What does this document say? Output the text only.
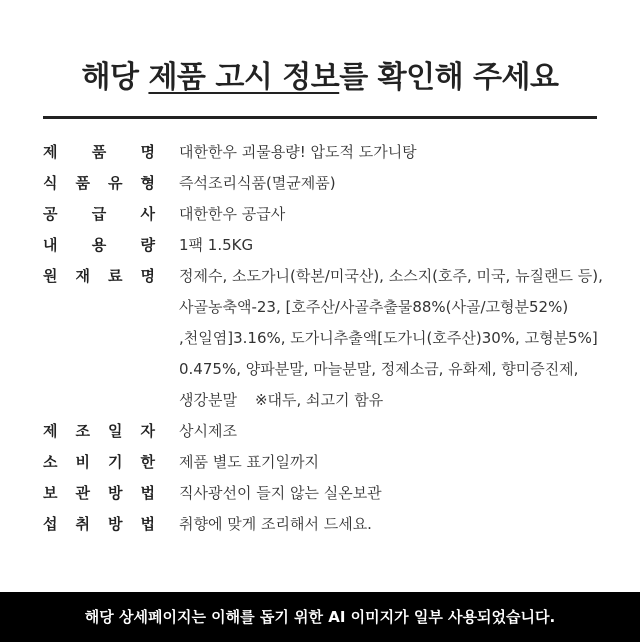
해당 제품 고시 정보를 확인해 주세요
제 품 명 대한한우 괴물용량! 압도적 도가니탕
식 품 유 형 즉석조리식품(멸균제품)
공 급 사 대한한우 공급사
내 용 량 1팩 1.5KG
원 재 료 명 정제수, 소도가니(학본/미국산), 소스지(호주, 미국, 뉴질랜드 등),
사골농축액-23, [호주산/사골추출물88%(사골/고형분52%)
,천일염]3.16%, 도가니추출액[도가니(호주산)30%, 고형분5%]
0.475%, 양파분말, 마늘분말, 정제소금, 유화제, 향미증진제,
생강분말 ※대두, 쇠고기 함유
제 조 일 자 상시제조
소 비 기 한 제품 별도 표기일까지
보 관 방 법 직사광선이 들지 않는 실온보관
섭 취 방 법 취향에 맞게 조리해서 드세요.
해당 상세페이지는 이해를 돕기 위한 AI 이미지가 일부 사용되었습니다.
